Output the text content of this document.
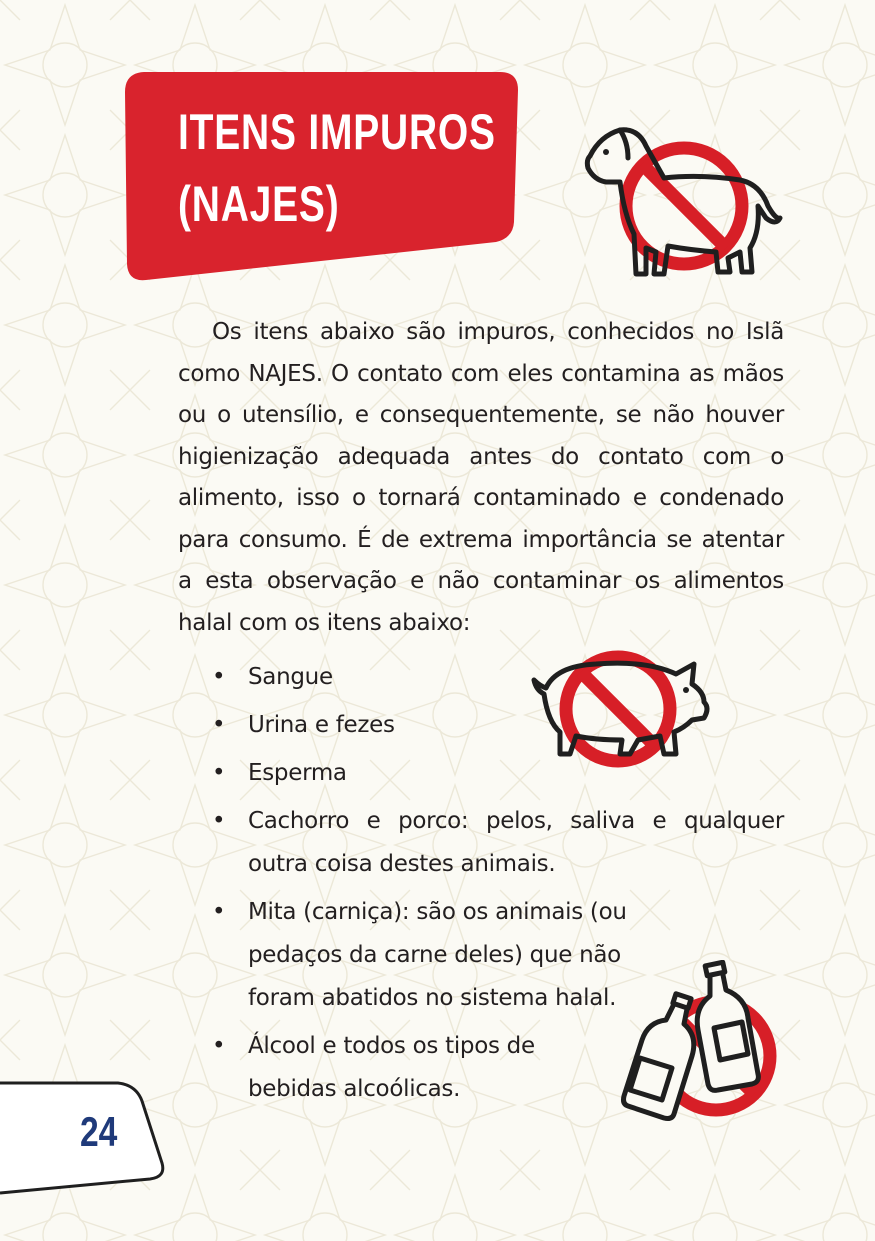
ITENS IMPUROS
(NAJES)

Os itens abaixo são impuros, conhecidos no Islã como NAJES. O contato com eles contamina as mãos ou o utensílio, e consequentemente, se não houver higienização adequada antes do contato com o alimento, isso o tornará contaminado e condenado para consumo. É de extrema importância se atentar a esta observação e não contaminar os alimentos halal com os itens abaixo:

• Sangue
• Urina e fezes
• Esperma
• Cachorro e porco: pelos, saliva e qualquer outra coisa destes animais.
• Mita (carniça): são os animais (ou pedaços da carne deles) que não foram abatidos no sistema halal.
• Álcool e todos os tipos de bebidas alcoólicas.
24
